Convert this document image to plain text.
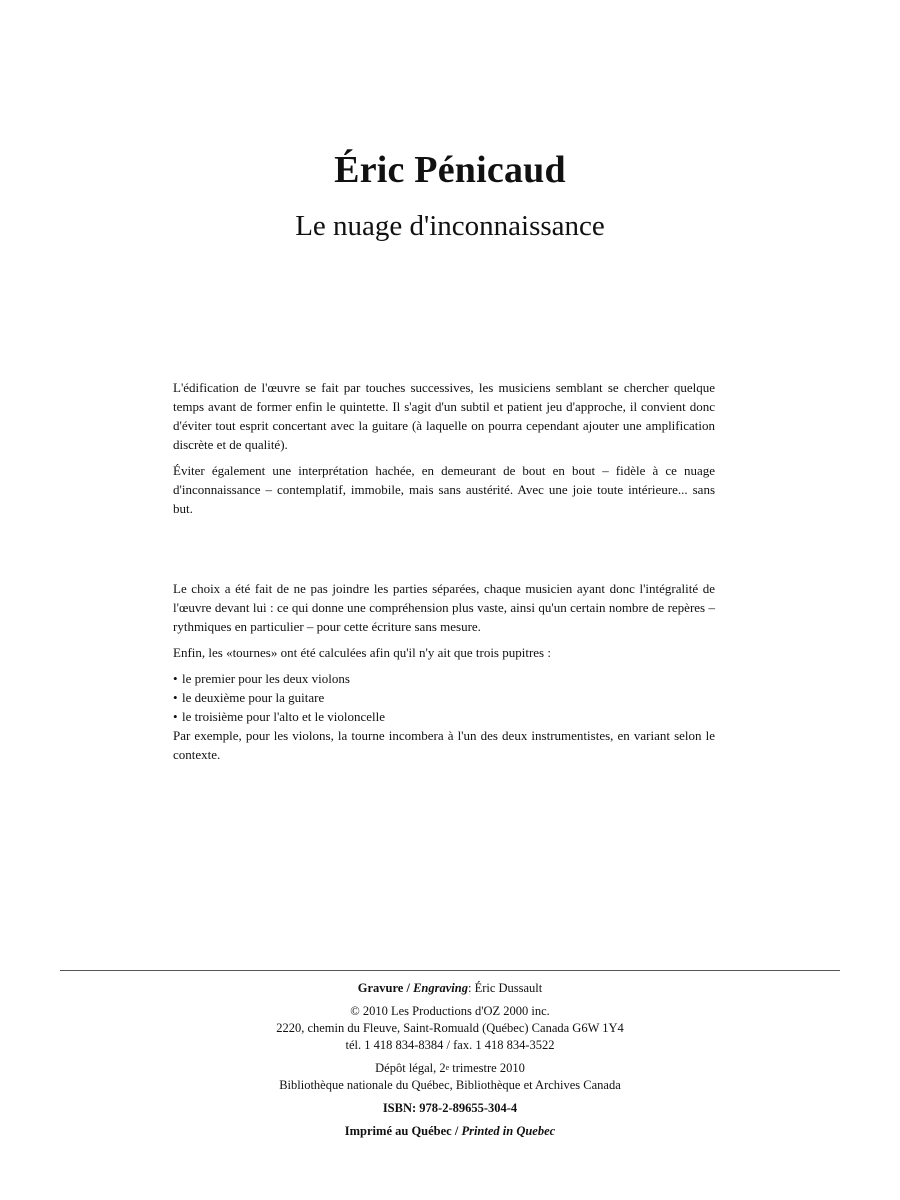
Éric Pénicaud
Le nuage d'inconnaissance

L'édification de l'œuvre se fait par touches successives, les musiciens semblant se chercher quelque temps avant de former enfin le quintette. Il s'agit d'un subtil et patient jeu d'approche, il convient donc d'éviter tout esprit concertant avec la guitare (à laquelle on pourra cependant ajouter une amplification discrète et de qualité).

Éviter également une interprétation hachée, en demeurant de bout en bout – fidèle à ce nuage d'inconnaissance – contemplatif, immobile, mais sans austérité. Avec une joie toute intérieure... sans but.

Le choix a été fait de ne pas joindre les parties séparées, chaque musicien ayant donc l'intégralité de l'œuvre devant lui : ce qui donne une compréhension plus vaste, ainsi qu'un certain nombre de repères – rythmiques en particulier – pour cette écriture sans mesure.

Enfin, les «tournes» ont été calculées afin qu'il n'y ait que trois pupitres :

• le premier pour les deux violons
• le deuxième pour la guitare
• le troisième pour l'alto et le violoncelle

Par exemple, pour les violons, la tourne incombera à l'un des deux instrumentistes, en variant selon le contexte.

Gravure / Engraving: Éric Dussault
© 2010 Les Productions d'OZ 2000 inc.
2220, chemin du Fleuve, Saint-Romuald (Québec) Canada G6W 1Y4
tél. 1 418 834-8384 / fax. 1 418 834-3522
Dépôt légal, 2e trimestre 2010
Bibliothèque nationale du Québec, Bibliothèque et Archives Canada
ISBN: 978-2-89655-304-4
Imprimé au Québec / Printed in Quebec
